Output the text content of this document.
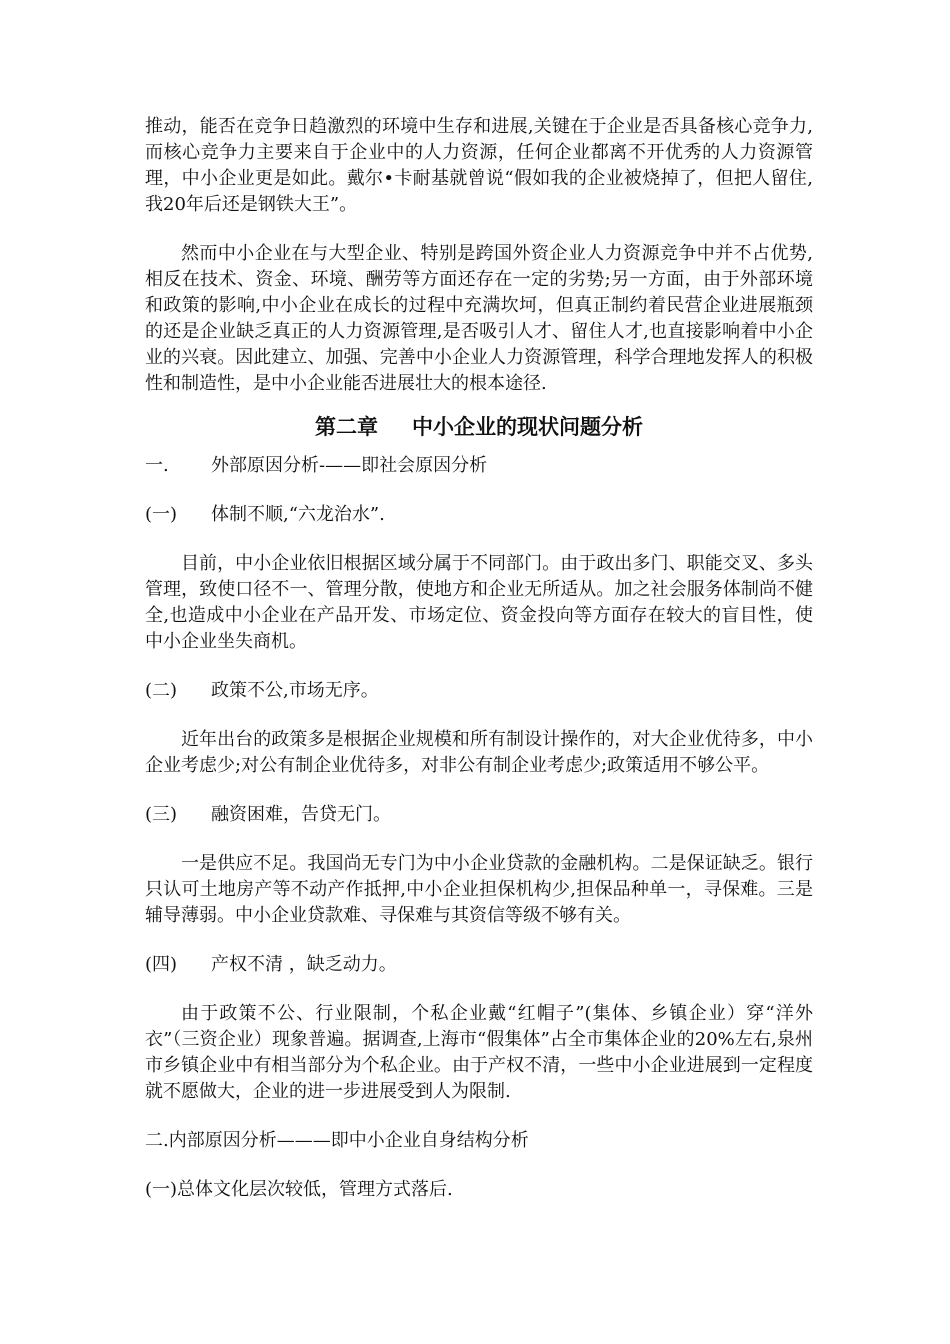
推动，能否在竞争日趋激烈的环境中生存和进展,关键在于企业是否具备核心竞争力,而核心竞争力主要来自于企业中的人力资源，任何企业都离不开优秀的人力资源管理，中小企业更是如此。戴尔•卡耐基就曾说“假如我的企业被烧掉了，但把人留住,我20年后还是钢铁大王”。

然而中小企业在与大型企业、特别是跨国外资企业人力资源竞争中并不占优势,相反在技术、资金、环境、酬劳等方面还存在一定的劣势;另一方面，由于外部环境和政策的影响,中小企业在成长的过程中充满坎坷，但真正制约着民营企业进展瓶颈的还是企业缺乏真正的人力资源管理,是否吸引人才、留住人才,也直接影响着中小企业的兴衰。因此建立、加强、完善中小企业人力资源管理，科学合理地发挥人的积极性和制造性，是中小企业能否进展壮大的根本途径.

第二章 中小企业的现状问题分析

一. 外部原因分析-——即社会原因分析

(一) 体制不顺,“六龙治水”.

目前，中小企业依旧根据区域分属于不同部门。由于政出多门、职能交叉、多头管理，致使口径不一、管理分散，使地方和企业无所适从。加之社会服务体制尚不健全,也造成中小企业在产品开发、市场定位、资金投向等方面存在较大的盲目性，使中小企业坐失商机。

(二) 政策不公,市场无序。

近年出台的政策多是根据企业规模和所有制设计操作的，对大企业优待多，中小企业考虑少;对公有制企业优待多，对非公有制企业考虑少;政策适用不够公平。

(三) 融资困难，告贷无门。

一是供应不足。我国尚无专门为中小企业贷款的金融机构。二是保证缺乏。银行只认可土地房产等不动产作抵押,中小企业担保机构少,担保品种单一，寻保难。三是辅导薄弱。中小企业贷款难、寻保难与其资信等级不够有关。

(四) 产权不清 ，缺乏动力。

由于政策不公、行业限制，个私企业戴“红帽子”(集体、乡镇企业）穿“洋外衣”（三资企业）现象普遍。据调查,上海市“假集体”占全市集体企业的20%左右,泉州市乡镇企业中有相当部分为个私企业。由于产权不清，一些中小企业进展到一定程度就不愿做大，企业的进一步进展受到人为限制.

二.内部原因分析———即中小企业自身结构分析

(一)总体文化层次较低，管理方式落后.
